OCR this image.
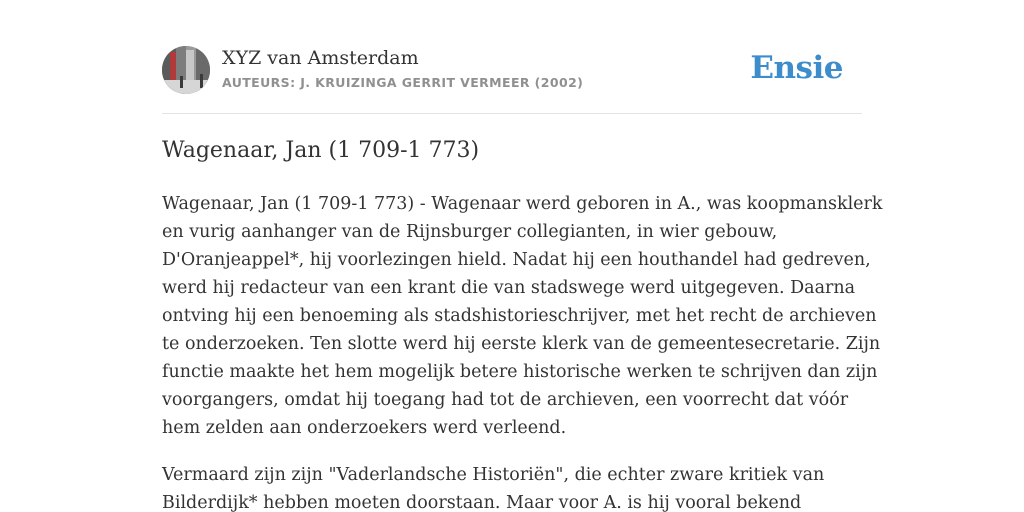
XYZ van Amsterdam
AUTEURS: J. KRUIZINGA GERRIT VERMEER (2002)	Ensie
Wagenaar, Jan (1 709-1 773)
Wagenaar, Jan (1 709-1 773) - Wagenaar werd geboren in A., was koopmansklerk
en vurig aanhanger van de Rijnsburger collegianten, in wier gebouw,
D'Oranjeappel*, hij voorlezingen hield. Nadat hij een houthandel had gedreven,
werd hij redacteur van een krant die van stadswege werd uitgegeven. Daarna
ontving hij een benoeming als stadshistorieschrijver, met het recht de archieven
te onderzoeken. Ten slotte werd hij eerste klerk van de gemeentesecretarie. Zijn
functie maakte het hem mogelijk betere historische werken te schrijven dan zijn
voorgangers, omdat hij toegang had tot de archieven, een voorrecht dat vóór
hem zelden aan onderzoekers werd verleend.
Vermaard zijn zijn "Vaderlandsche Historiën", die echter zware kritiek van
Bilderdijk* hebben moeten doorstaan. Maar voor A. is hij vooral bekend
